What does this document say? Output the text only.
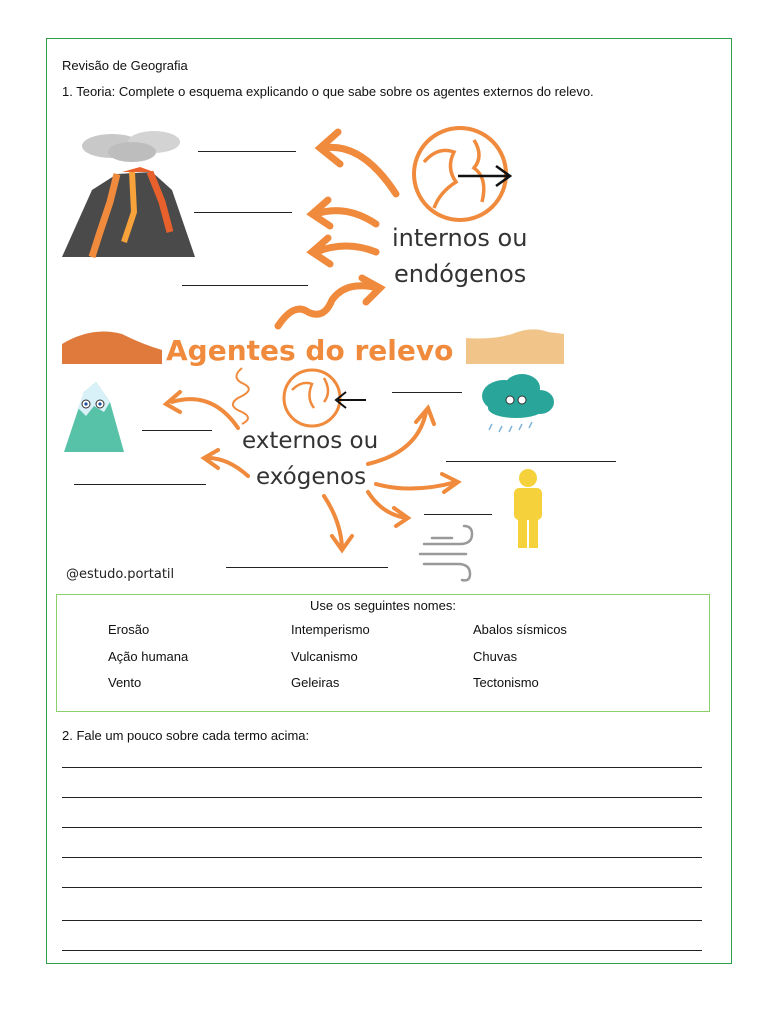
Revisão de Geografia
1. Teoria: Complete o esquema explicando o que sabe sobre os agentes externos do relevo.
internos ou
endógenos
Agentes do relevo
externos ou
exógenos
@estudo.portatil
Use os seguintes nomes:
Erosão
Ação humana
Vento
Intemperismo
Vulcanismo
Geleiras
Abalos sísmicos
Chuvas
Tectonismo
2. Fale um pouco sobre cada termo acima:
